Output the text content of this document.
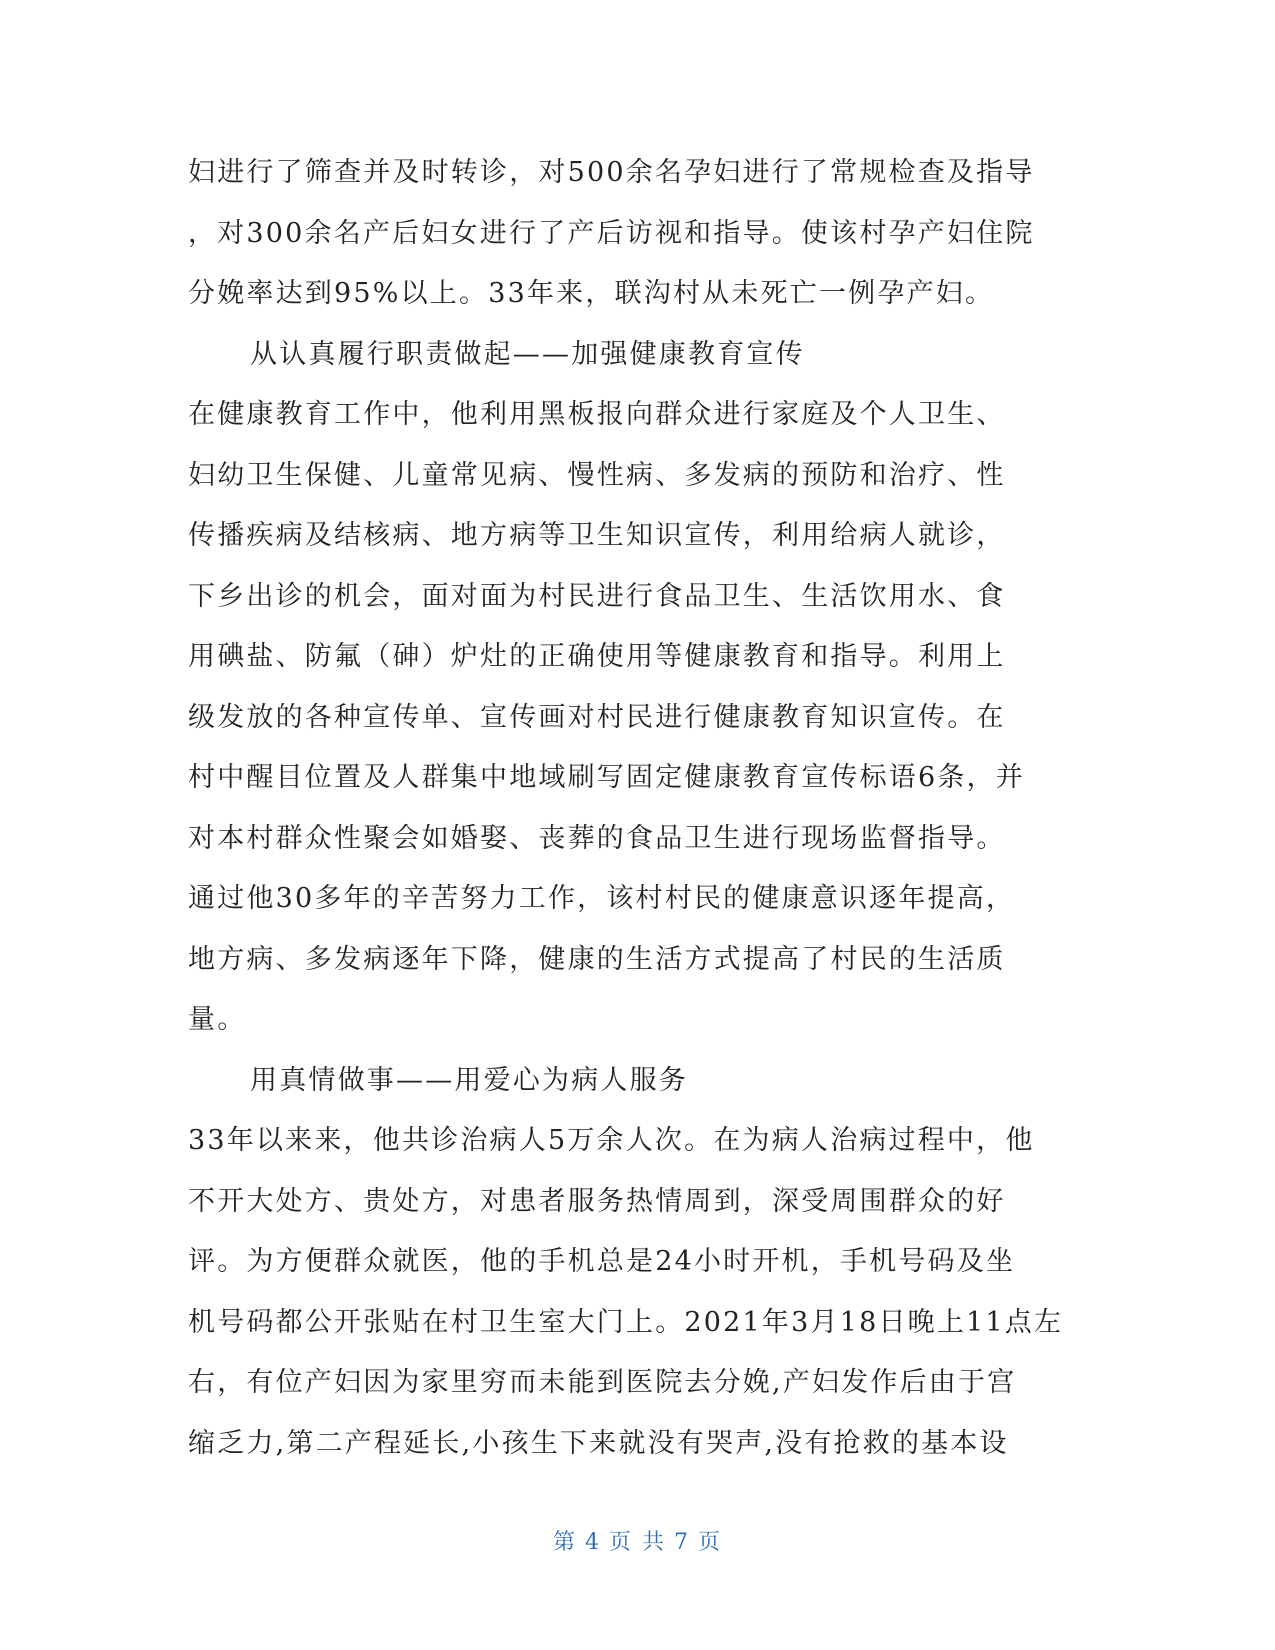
妇进行了筛查并及时转诊，对500余名孕妇进行了常规检查及指导
，对300余名产后妇女进行了产后访视和指导。使该村孕产妇住院
分娩率达到95%以上。33年来，联沟村从未死亡一例孕产妇。
从认真履行职责做起——加强健康教育宣传
在健康教育工作中，他利用黑板报向群众进行家庭及个人卫生、
妇幼卫生保健、儿童常见病、慢性病、多发病的预防和治疗、性
传播疾病及结核病、地方病等卫生知识宣传，利用给病人就诊，
下乡出诊的机会，面对面为村民进行食品卫生、生活饮用水、食
用碘盐、防氟（砷）炉灶的正确使用等健康教育和指导。利用上
级发放的各种宣传单、宣传画对村民进行健康教育知识宣传。在
村中醒目位置及人群集中地域刷写固定健康教育宣传标语6条，并
对本村群众性聚会如婚娶、丧葬的食品卫生进行现场监督指导。
通过他30多年的辛苦努力工作，该村村民的健康意识逐年提高，
地方病、多发病逐年下降，健康的生活方式提高了村民的生活质
量。
用真情做事——用爱心为病人服务
33年以来来，他共诊治病人5万余人次。在为病人治病过程中，他
不开大处方、贵处方，对患者服务热情周到，深受周围群众的好
评。为方便群众就医，他的手机总是24小时开机，手机号码及坐
机号码都公开张贴在村卫生室大门上。2021年3月18日晚上11点左
右，有位产妇因为家里穷而未能到医院去分娩,产妇发作后由于宫
缩乏力,第二产程延长,小孩生下来就没有哭声,没有抢救的基本设
第 4 页 共 7 页
